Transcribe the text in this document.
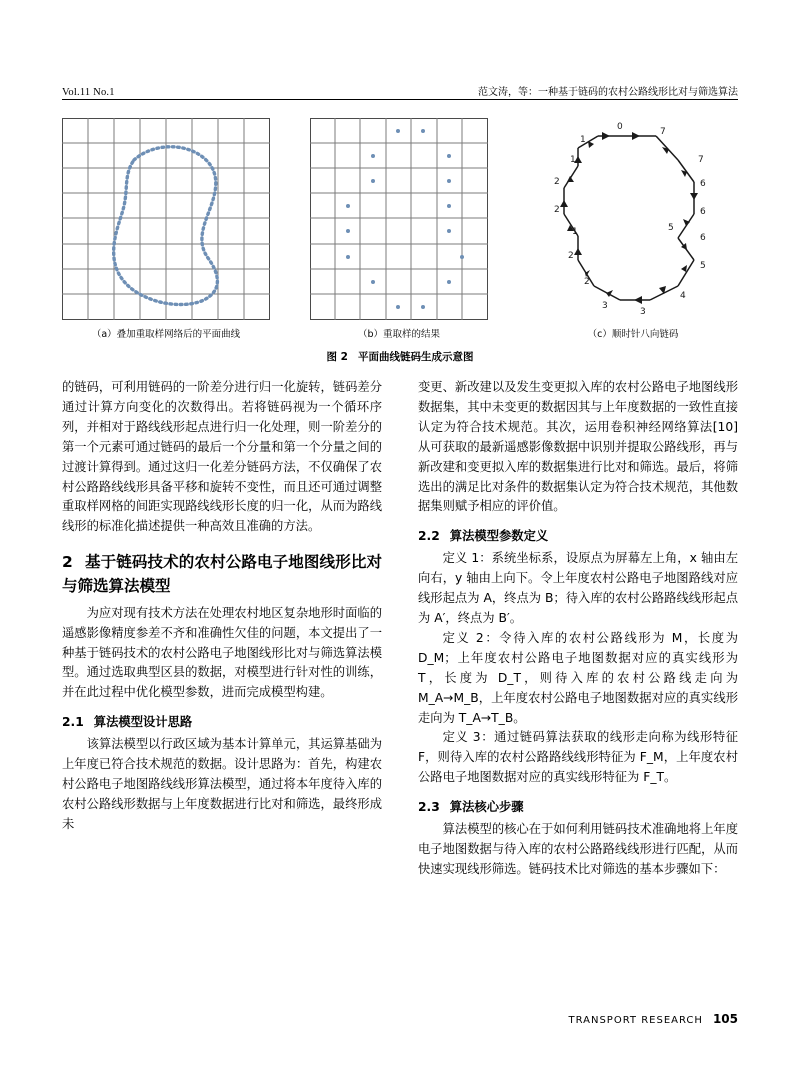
Vol.11 No.1	范文涛，等：一种基于链码的农村公路线形比对与筛选算法
0	7
7
6
6
5
6
5
4
3
3
2
2
1
2
2
1
1
（a）叠加重取样网络后的平面曲线	（b）重取样的结果	（c）顺时针八向链码
图 2 平面曲线链码生成示意图

的链码，可利用链码的一阶差分进行归一化旋转，链码差分通过计算方向变化的次数得出。若将链码视为一个循环序列，并相对于路线线形起点进行归一化处理，则一阶差分的第一个元素可通过链码的最后一个分量和第一个分量之间的过渡计算得到。通过这归一化差分链码方法，不仅确保了农村公路路线线形具备平移和旋转不变性，而且还可通过调整重取样网格的间距实现路线线形长度的归一化，从而为路线线形的标准化描述提供一种高效且准确的方法。

2 基于链码技术的农村公路电子地图线形比对与筛选算法模型

为应对现有技术方法在处理农村地区复杂地形时面临的遥感影像精度参差不齐和准确性欠佳的问题，本文提出了一种基于链码技术的农村公路电子地图线形比对与筛选算法模型。通过选取典型区县的数据，对模型进行针对性的训练，并在此过程中优化模型参数，进而完成模型构建。

2.1 算法模型设计思路

该算法模型以行政区域为基本计算单元，其运算基础为上年度已符合技术规范的数据。设计思路为：首先，构建农村公路电子地图路线线形算法模型，通过将本年度待入库的农村公路线形数据与上年度数据进行比对和筛选，最终形成未

变更、新改建以及发生变更拟入库的农村公路电子地图线形数据集，其中未变更的数据因其与上年度数据的一致性直接认定为符合技术规范。其次，运用卷积神经网络算法[10]从可获取的最新遥感影像数据中识别并提取公路线形，再与新改建和变更拟入库的数据集进行比对和筛选。最后，将筛选出的满足比对条件的数据集认定为符合技术规范，其他数据集则赋予相应的评价值。

2.2 算法模型参数定义

定义 1：系统坐标系，设原点为屏幕左上角，x 轴由左向右，y 轴由上向下。令上年度农村公路电子地图路线对应线形起点为 A，终点为 B；待入库的农村公路路线线形起点为 A′，终点为 B′。

定义 2：令待入库的农村公路线形为 M，长度为 D_M；上年度农村公路电子地图数据对应的真实线形为 T，长度为 D_T，则待入库的农村公路线走向为 M_A→M_B，上年度农村公路电子地图数据对应的真实线形走向为 T_A→T_B。

定义 3：通过链码算法获取的线形走向称为线形特征 F，则待入库的农村公路路线线形特征为 F_M，上年度农村公路电子地图数据对应的真实线形特征为 F_T。

2.3 算法核心步骤

算法模型的核心在于如何利用链码技术准确地将上年度电子地图数据与待入库的农村公路路线线形进行匹配，从而快速实现线形筛选。链码技术比对筛选的基本步骤如下：

TRANSPORT RESEARCH 105
